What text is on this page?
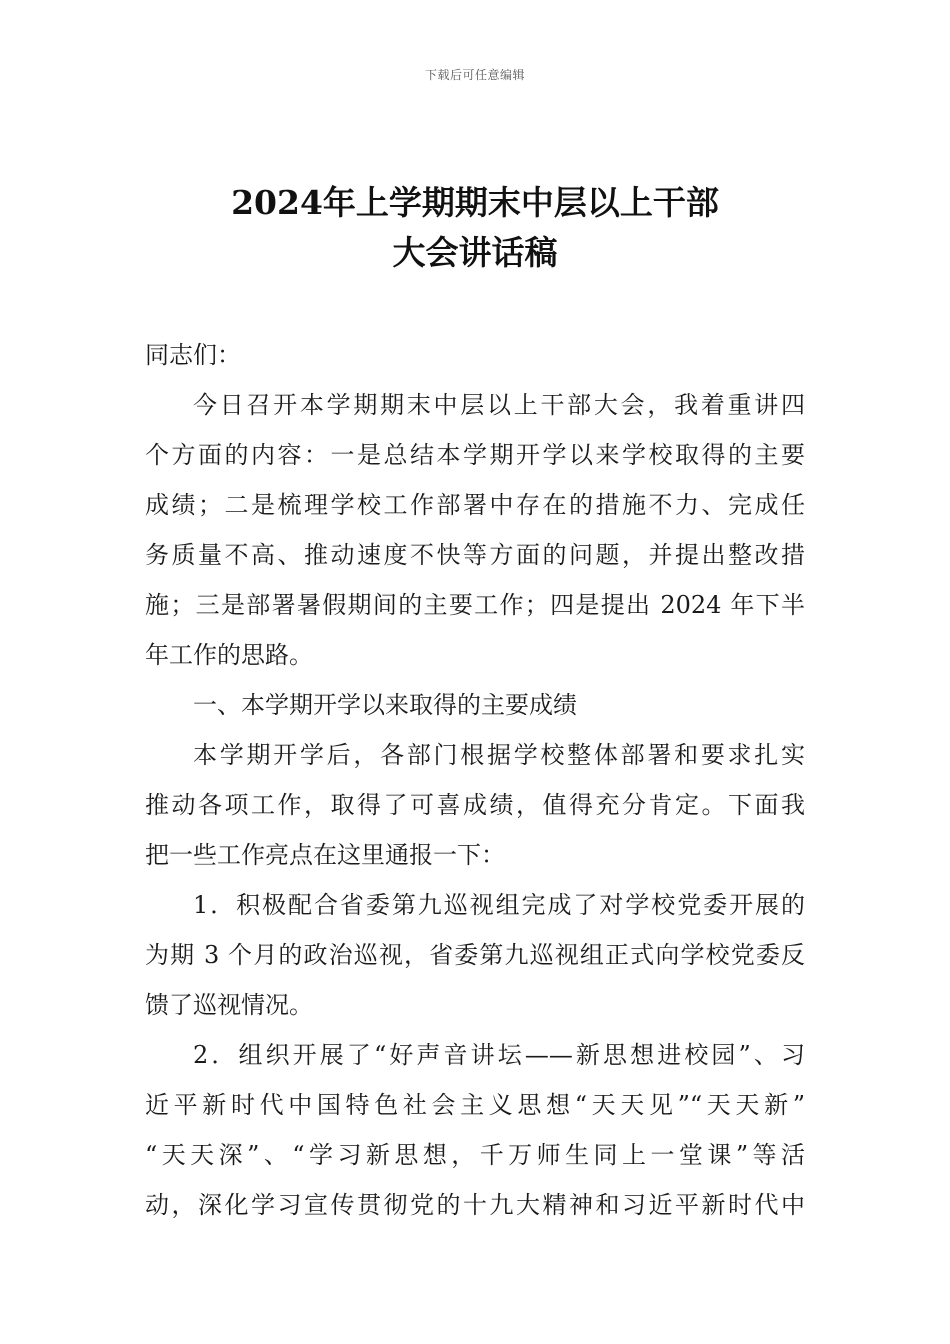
下载后可任意编辑
2024年上学期期末中层以上干部
大会讲话稿
同志们：
今日召开本学期期末中层以上干部大会，我着重讲四
个方面的内容：一是总结本学期开学以来学校取得的主要
成绩；二是梳理学校工作部署中存在的措施不力、完成任
务质量不高、推动速度不快等方面的问题，并提出整改措
施；三是部署暑假期间的主要工作；四是提出 2024 年下半
年工作的思路。
一、本学期开学以来取得的主要成绩
本学期开学后，各部门根据学校整体部署和要求扎实
推动各项工作，取得了可喜成绩，值得充分肯定。下面我
把一些工作亮点在这里通报一下：
1．积极配合省委第九巡视组完成了对学校党委开展的
为期 3 个月的政治巡视，省委第九巡视组正式向学校党委反
馈了巡视情况。
2．组织开展了“好声音讲坛——新思想进校园”、习
近平新时代中国特色社会主义思想“天天见”“天天新”
“天天深”、“学习新思想，千万师生同上一堂课”等活
动，深化学习宣传贯彻党的十九大精神和习近平新时代中
